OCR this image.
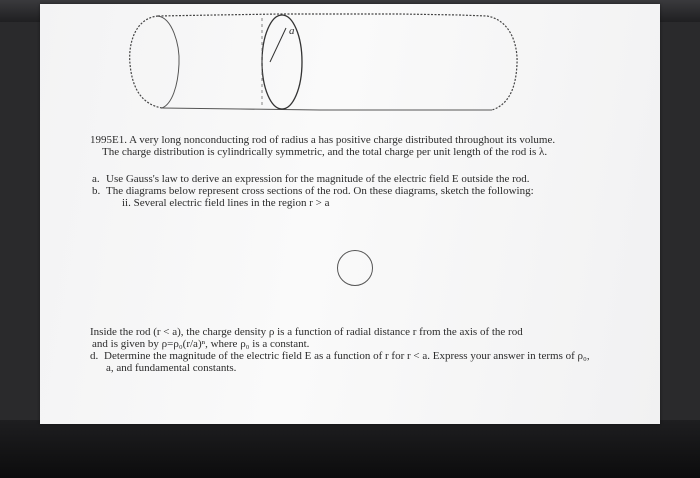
a
1995E1. A very long nonconducting rod of radius a has positive charge distributed throughout its volume.
The charge distribution is cylindrically symmetric, and the total charge per unit length of the rod is λ.
a. Use Gauss's law to derive an expression for the magnitude of the electric field E outside the rod.
b. The diagrams below represent cross sections of the rod. On these diagrams, sketch the following:
ii. Several electric field lines in the region r > a
Inside the rod (r < a), the charge density ρ is a function of radial distance r from the axis of the rod
and is given by ρ=ρ₀(r/a)ⁿ, where ρ₀ is a constant.
d. Determine the magnitude of the electric field E as a function of r for r < a. Express your answer in terms of ρ₀,
a, and fundamental constants.
